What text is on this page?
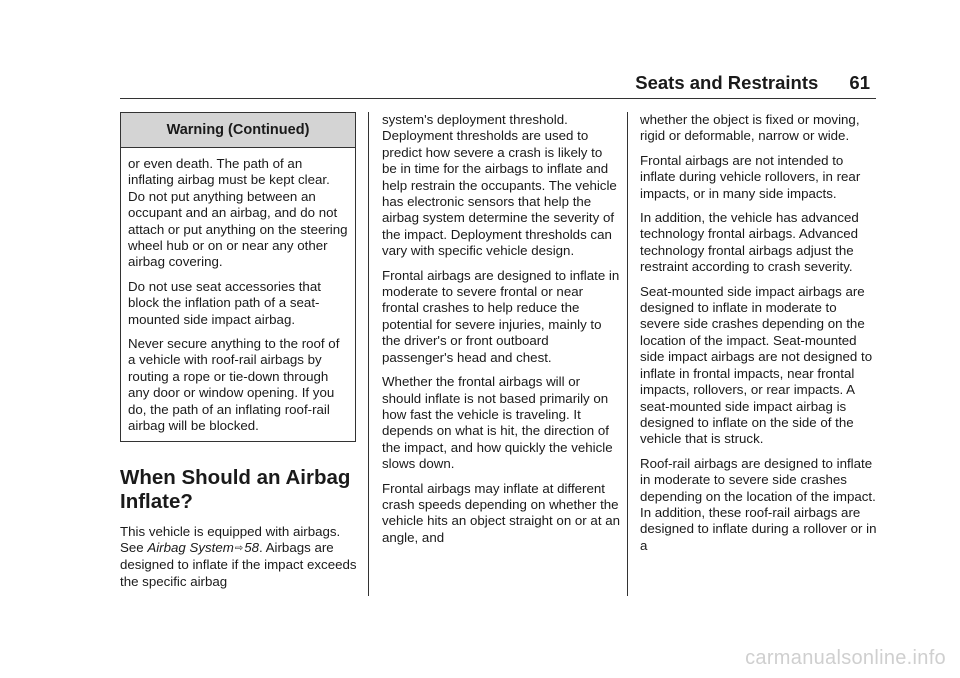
Seats and Restraints 61
Warning (Continued)

or even death. The path of an inflating airbag must be kept clear. Do not put anything between an occupant and an airbag, and do not attach or put anything on the steering wheel hub or on or near any other airbag covering.

Do not use seat accessories that block the inflation path of a seat-mounted side impact airbag.

Never secure anything to the roof of a vehicle with roof-rail airbags by routing a rope or tie-down through any door or window opening. If you do, the path of an inflating roof-rail airbag will be blocked.

When Should an Airbag Inflate?

This vehicle is equipped with airbags. See Airbag System⇨58. Airbags are designed to inflate if the impact exceeds the specific airbag

system's deployment threshold. Deployment thresholds are used to predict how severe a crash is likely to be in time for the airbags to inflate and help restrain the occupants. The vehicle has electronic sensors that help the airbag system determine the severity of the impact. Deployment thresholds can vary with specific vehicle design.

Frontal airbags are designed to inflate in moderate to severe frontal or near frontal crashes to help reduce the potential for severe injuries, mainly to the driver's or front outboard passenger's head and chest.

Whether the frontal airbags will or should inflate is not based primarily on how fast the vehicle is traveling. It depends on what is hit, the direction of the impact, and how quickly the vehicle slows down.

Frontal airbags may inflate at different crash speeds depending on whether the vehicle hits an object straight on or at an angle, and

whether the object is fixed or moving, rigid or deformable, narrow or wide.

Frontal airbags are not intended to inflate during vehicle rollovers, in rear impacts, or in many side impacts.

In addition, the vehicle has advanced technology frontal airbags. Advanced technology frontal airbags adjust the restraint according to crash severity.

Seat-mounted side impact airbags are designed to inflate in moderate to severe side crashes depending on the location of the impact. Seat-mounted side impact airbags are not designed to inflate in frontal impacts, near frontal impacts, rollovers, or rear impacts. A seat-mounted side impact airbag is designed to inflate on the side of the vehicle that is struck.

Roof-rail airbags are designed to inflate in moderate to severe side crashes depending on the location of the impact. In addition, these roof-rail airbags are designed to inflate during a rollover or in a

carmanualsonline.info
